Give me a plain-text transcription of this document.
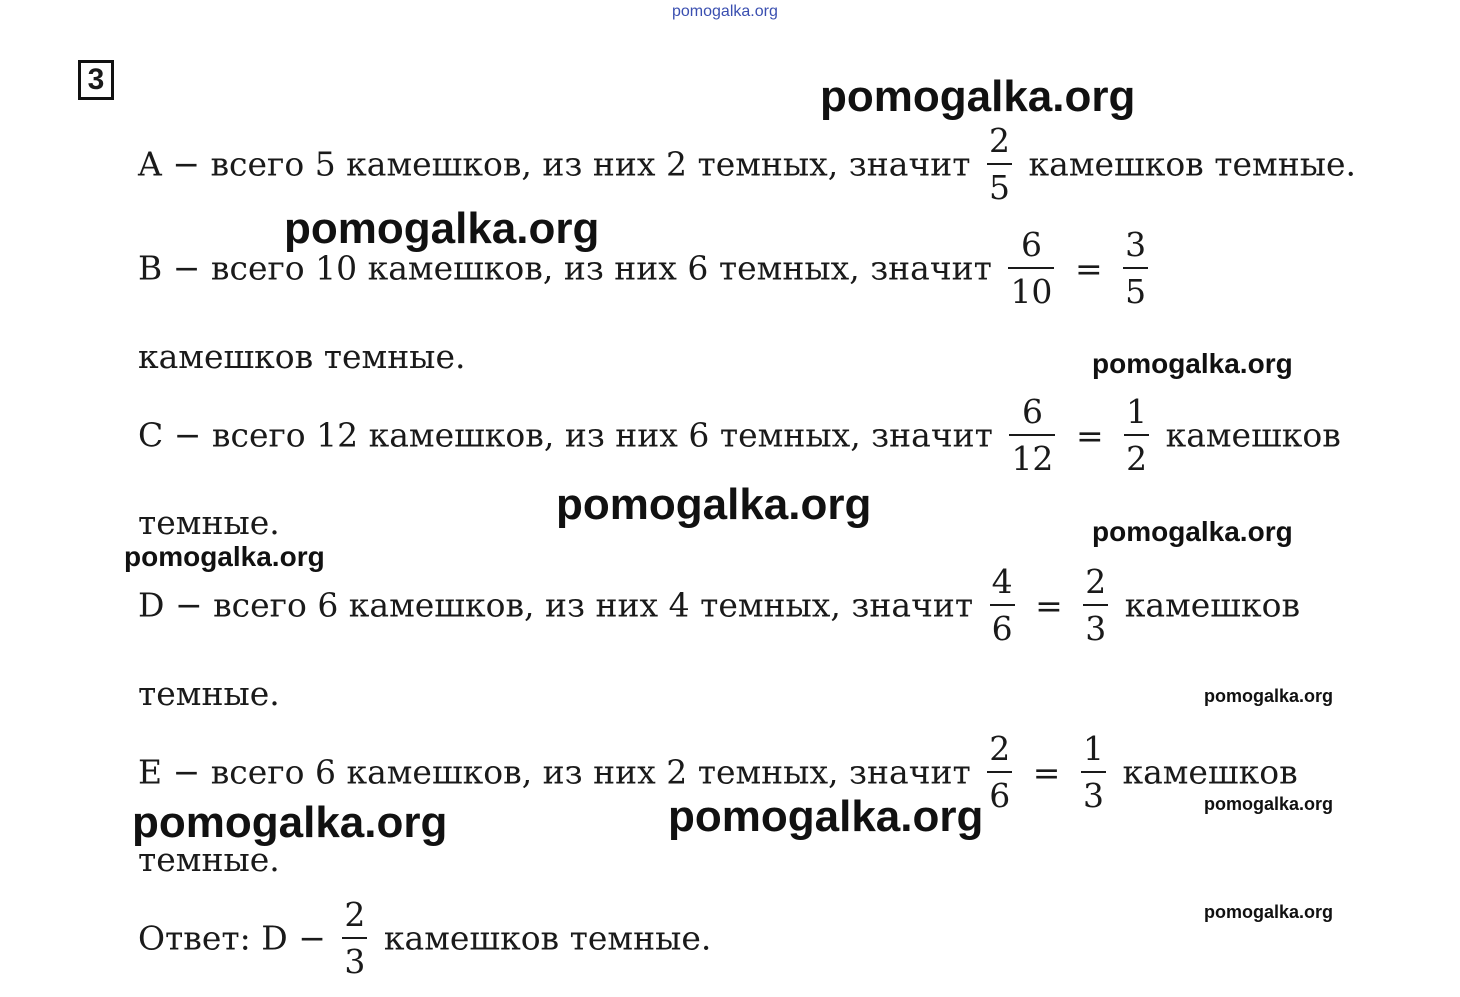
pomogalka.org
3
A − всего 5 камешков, из них 2 темных, значит $\frac{2}{5}$ камешков темные.
B − всего 10 камешков, из них 6 темных, значит $\frac{6}{10} = \frac{3}{5}$
камешков темные.
C − всего 12 камешков, из них 6 темных, значит $\frac{6}{12} = \frac{1}{2}$ камешков
темные.
D − всего 6 камешков, из них 4 темных, значит $\frac{4}{6} = \frac{2}{3}$ камешков
темные.
E − всего 6 камешков, из них 2 темных, значит $\frac{2}{6} = \frac{1}{3}$ камешков
темные.
Ответ: $D - \frac{2}{3}$ камешков темные.
pomogalka.org
pomogalka.org
pomogalka.org
pomogalka.org
pomogalka.org
pomogalka.org
pomogalka.org
pomogalka.org
pomogalka.org	pomogalka.org
pomogalka.org
